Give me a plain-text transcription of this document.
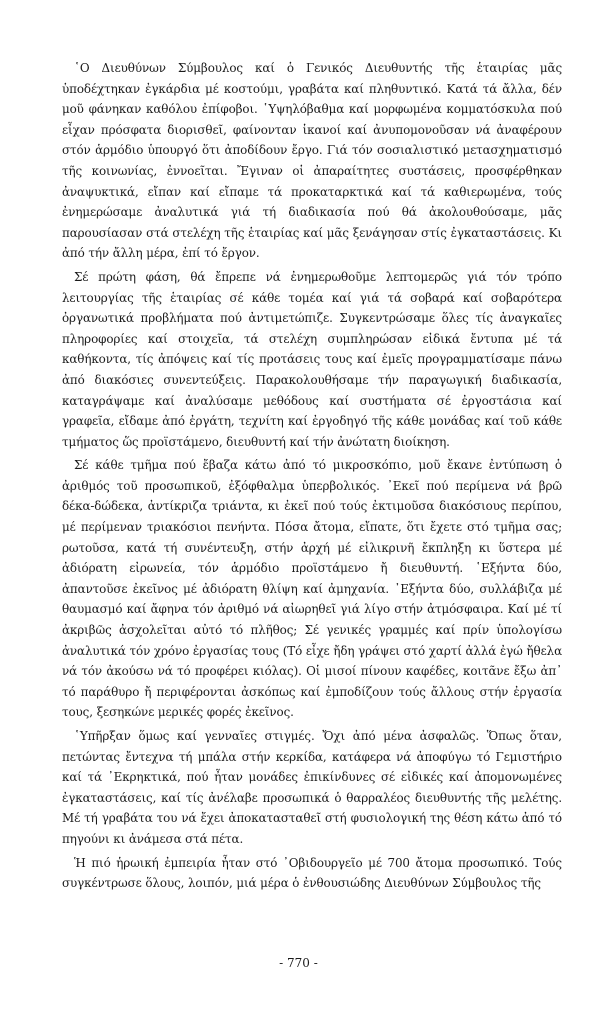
῾Ο Διευθύνων Σύμβουλος καί ὁ Γενικός Διευθυντής τῆς ἑταιρίας μᾶς ὑποδέχτηκαν ἐγκάρδια μέ κοστούμι, γραβάτα καί πληθυντικό. Κατά τά ἄλλα, δέν μοῦ φάνηκαν καθόλου ἐπίφοβοι. ῾Υψηλόβαθμα καί μορφωμένα κομματόσκυλα πού εἶχαν πρόσφατα διορισθεῖ, φαίνονταν ἱκανοί καί ἀνυπομονοῦσαν νά ἀναφέρουν στόν ἁρμόδιο ὑπουργό ὅτι ἀποδίδουν ἔργο. Γιά τόν σοσιαλιστικό μετασχηματισμό τῆς κοινωνίας, ἐννοεῖται. Ἔγιναν οἱ ἀπαραίτητες συστάσεις, προσφέρθηκαν ἀναψυκτικά, εἴπαν καί εἴπαμε τά προκαταρκτικά καί τά καθιερωμένα, τούς ἐνημερώσαμε ἀναλυτικά γιά τή διαδικασία πού θά ἀκολουθούσαμε, μᾶς παρουσίασαν στά στελέχη τῆς ἑταιρίας καί μᾶς ξενάγησαν στίς ἐγκαταστάσεις. Κι ἀπό τήν ἄλλη μέρα, ἐπί τό ἔργον.

Σέ πρώτη φάση, θά ἔπρεπε νά ἐνημερωθοῦμε λεπτομερῶς γιά τόν τρόπο λειτουργίας τῆς ἑταιρίας σέ κάθε τομέα καί γιά τά σοβαρά καί σοβαρότερα ὀργανωτικά προβλήματα πού ἀντιμετώπιζε. Συγκεντρώσαμε ὅλες τίς ἀναγκαῖες πληροφορίες καί στοιχεῖα, τά στελέχη συμπληρώσαν εἰδικά ἔντυπα μέ τά καθήκοντα, τίς ἀπόψεις καί τίς προτάσεις τους καί ἐμεῖς προγραμματίσαμε πάνω ἀπό διακόσιες συνεντεύξεις. Παρακολουθήσαμε τήν παραγωγική διαδικασία, καταγράψαμε καί ἀναλύσαμε μεθόδους καί συστήματα σέ ἐργοστάσια καί γραφεῖα, εἴδαμε ἀπό ἐργάτη, τεχνίτη καί ἐργοδηγό τῆς κάθε μονάδας καί τοῦ κάθε τμήματος ὥς προϊστάμενο, διευθυντή καί τήν ἀνώτατη διοίκηση.

Σέ κάθε τμῆμα πού ἔβαζα κάτω ἀπό τό μικροσκόπιο, μοῦ ἔκανε ἐντύπωση ὁ ἀριθμός τοῦ προσωπικοῦ, ἐξόφθαλμα ὑπερβολικός. ᾿Εκεῖ πού περίμενα νά βρῶ δέκα-δώδεκα, ἀντίκριζα τριάντα, κι ἐκεῖ πού τούς ἐκτιμοῦσα διακόσιους περίπου, μέ περίμεναν τριακόσιοι πενήντα. Πόσα ἄτομα, εἴπατε, ὅτι ἔχετε στό τμῆμα σας; ρωτοῦσα, κατά τή συνέντευξη, στήν ἀρχή μέ εἰλικρινῆ ἔκπληξη κι ὕστερα μέ ἀδιόρατη εἰρωνεία, τόν ἁρμόδιο προϊστάμενο ἤ διευθυντή. ῾Εξήντα δύο, ἀπαντοῦσε ἐκεῖνος μέ ἀδιόρατη θλίψη καί ἀμηχανία. ᾿Εξήντα δύο, συλλάβιζα μέ θαυμασμό καί ἄφηνα τόν ἀριθμό νά αἰωρηθεῖ γιά λίγο στήν ἀτμόσφαιρα. Καί μέ τί ἀκριβῶς ἀσχολεῖται αὐτό τό πλῆθος; Σέ γενικές γραμμές καί πρίν ὑπολογίσω ἀναλυτικά τόν χρόνο ἐργασίας τους (Τό εἶχε ἤδη γράψει στό χαρτί ἀλλά ἐγώ ἤθελα νά τόν ἀκούσω νά τό προφέρει κιόλας). Οἱ μισοί πίνουν καφέδες, κοιτᾶνε ἔξω ἀπ᾿ τό παράθυρο ἤ περιφέρονται ἀσκόπως καί ἐμποδίζουν τούς ἄλλους στήν ἐργασία τους, ξεσηκώνε μερικές φορές ἐκεῖνος.

῾Υπῆρξαν ὅμως καί γενναῖες στιγμές. Ὄχι ἀπό μένα ἀσφαλῶς. Ὅπως ὅταν, πετώντας ἔντεχνα τή μπάλα στήν κερκίδα, κατάφερα νά ἀποφύγω τό Γεμιστήριο καί τά ᾿Εκρηκτικά, πού ἦταν μονάδες ἐπικίνδυνες σέ εἰδικές καί ἀπομονωμένες ἐγκαταστάσεις, καί τίς ἀνέλαβε προσωπικά ὁ θαρραλέος διευθυντής τῆς μελέτης. Μέ τή γραβάτα του νά ἔχει ἀποκατασταθεῖ στή φυσιολογική της θέση κάτω ἀπό τό πηγούνι κι ἀνάμεσα στά πέτα.

Ἡ πιό ἡρωική ἐμπειρία ἦταν στό ᾿Οβιδουργεῖο μέ 700 ἄτομα προσωπικό. Τούς συγκέντρωσε ὅλους, λοιπόν, μιά μέρα ὁ ἐνθουσιώδης Διευθύνων Σύμβουλος τῆς

- 770 -
